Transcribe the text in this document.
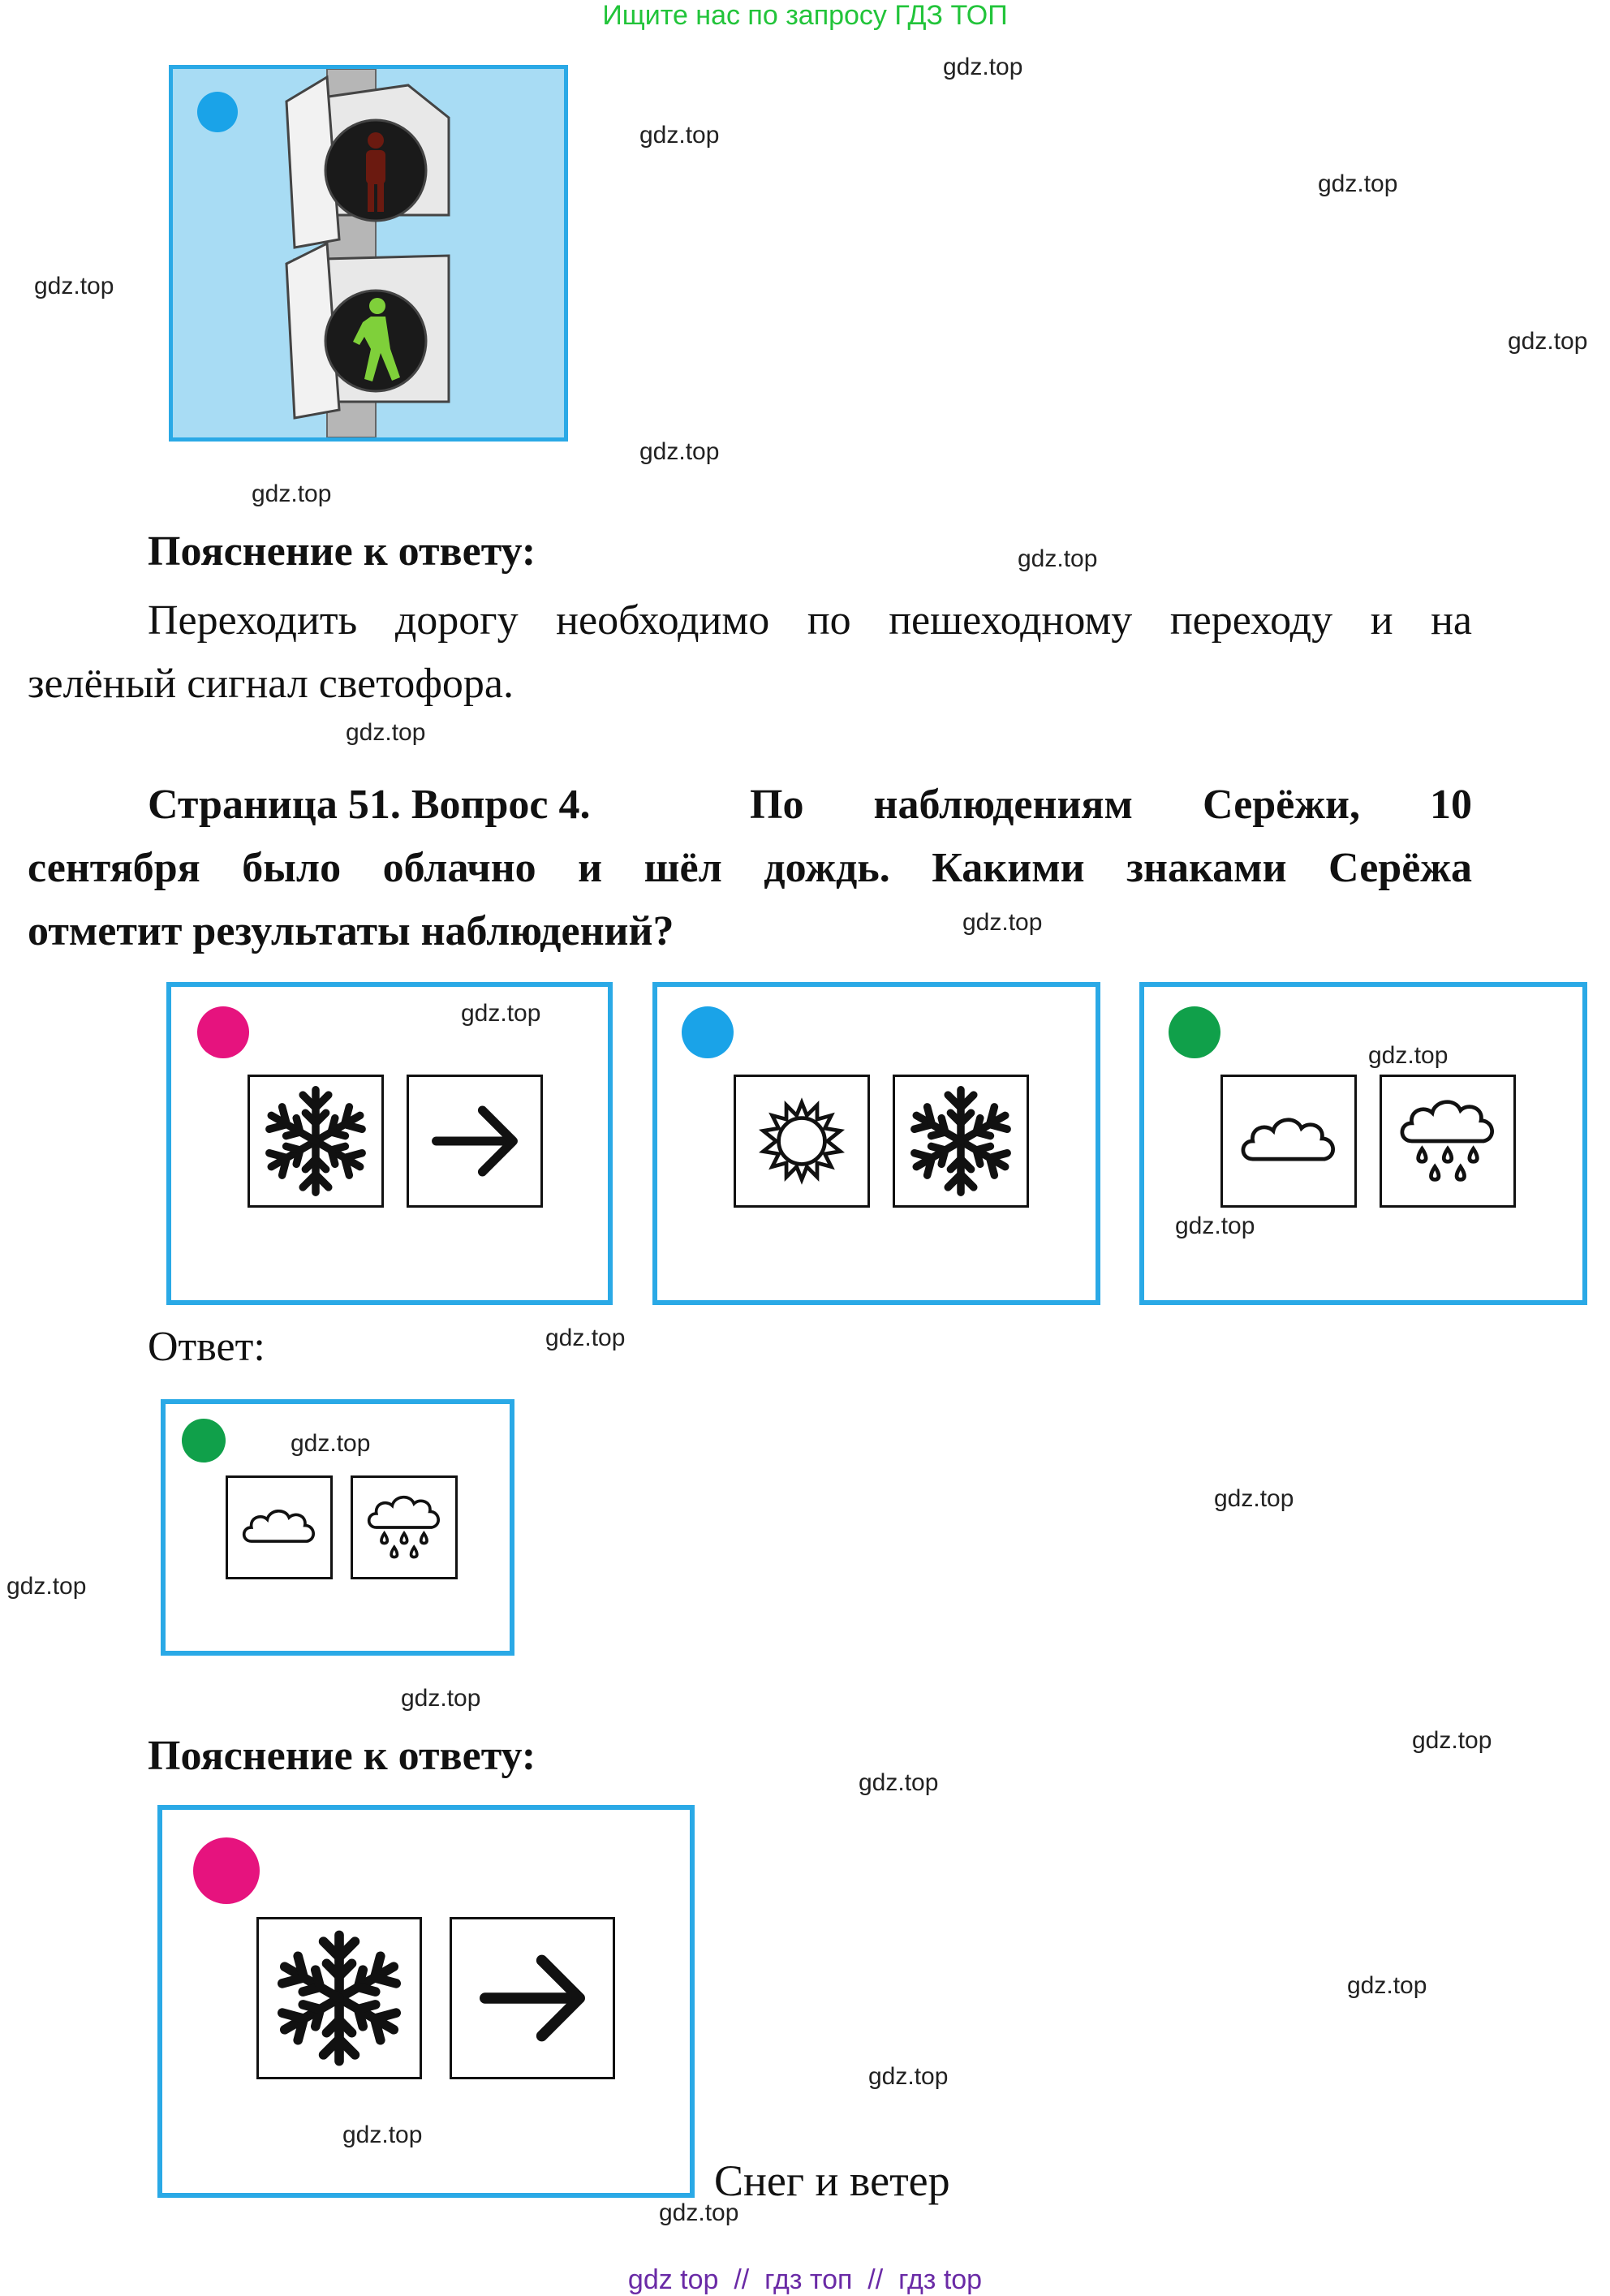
Ищите нас по запросу ГДЗ ТОП
Пояснение к ответу:
Переходить дорогу необходимо по пешеходному переходу и на
зелёный сигнал светофора.
Страница 51. Вопрос 4.	По наблюдениям Серёжи, 10
сентября было облачно и шёл дождь. Какими знаками Серёжа
отметит результаты наблюдений?
Ответ:
Пояснение к ответу:
Снег и ветер
gdz.top
gdz.top
gdz.top
gdz.top
gdz.top
gdz.top
gdz.top
gdz.top
gdz.top
gdz.top
gdz.top
gdz.top
gdz.top
gdz.top
gdz.top
gdz.top
gdz.top
gdz.top
gdz.top
gdz.top
gdz.top
gdz.top
gdz.top
gdz.top
gdz top  //  гдз топ  //  гдз top
